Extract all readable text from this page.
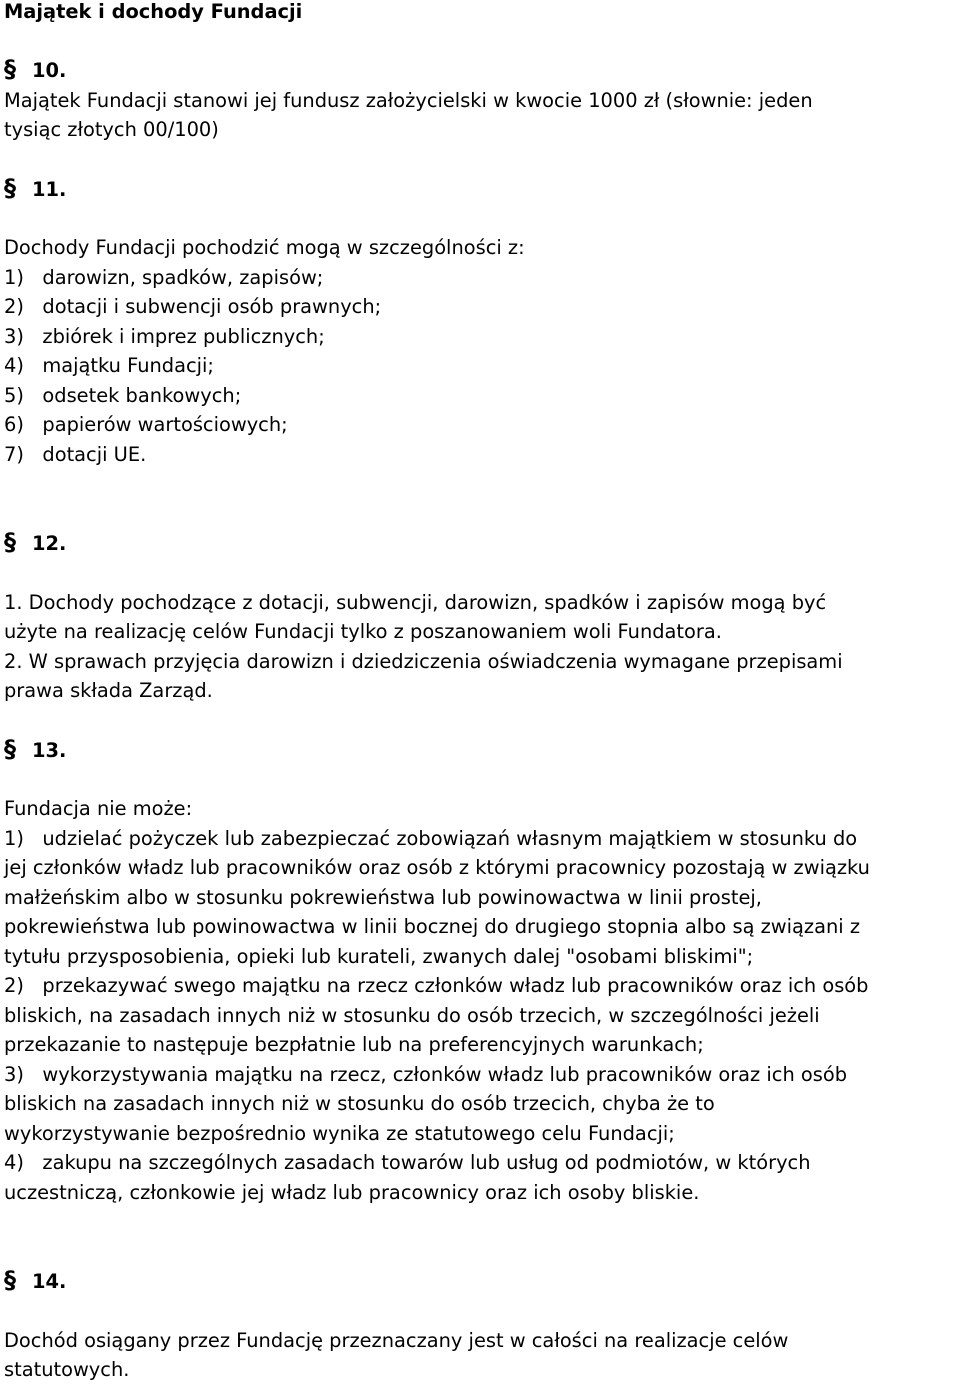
Majątek i dochody Fundacji
§ 10.

Majątek Fundacji stanowi jej fundusz założycielski w kwocie 1000 zł (słownie: jeden

tysiąc złotych 00/100)

§ 11.

Dochody Fundacji pochodzić mogą w szczególności z:

1)   darowizn, spadków, zapisów;

2)   dotacji i subwencji osób prawnych;

3)   zbiórek i imprez publicznych;

4)   majątku Fundacji;

5)   odsetek bankowych;

6)   papierów wartościowych;

7)   dotacji UE.

§ 12.

1. Dochody pochodzące z dotacji, subwencji, darowizn, spadków i zapisów mogą być

użyte na realizację celów Fundacji tylko z poszanowaniem woli Fundatora.

2. W sprawach przyjęcia darowizn i dziedziczenia oświadczenia wymagane przepisami

prawa składa Zarząd.

§ 13.

Fundacja nie może:

1)   udzielać pożyczek lub zabezpieczać zobowiązań własnym majątkiem w stosunku do

jej członków władz lub pracowników oraz osób z którymi pracownicy pozostają w związku

małżeńskim albo w stosunku pokrewieństwa lub powinowactwa w linii prostej,

pokrewieństwa lub powinowactwa w linii bocznej do drugiego stopnia albo są związani z

tytułu przysposobienia, opieki lub kurateli, zwanych dalej "osobami bliskimi";

2)   przekazywać swego majątku na rzecz członków władz lub pracowników oraz ich osób

bliskich, na zasadach innych niż w stosunku do osób trzecich, w szczególności jeżeli

przekazanie to następuje bezpłatnie lub na preferencyjnych warunkach;

3)   wykorzystywania majątku na rzecz, członków władz lub pracowników oraz ich osób

bliskich na zasadach innych niż w stosunku do osób trzecich, chyba że to

wykorzystywanie bezpośrednio wynika ze statutowego celu Fundacji;

4)   zakupu na szczególnych zasadach towarów lub usług od podmiotów, w których

uczestniczą, członkowie jej władz lub pracownicy oraz ich osoby bliskie.

§ 14.

Dochód osiągany przez Fundację przeznaczany jest w całości na realizacje celów

statutowych.
